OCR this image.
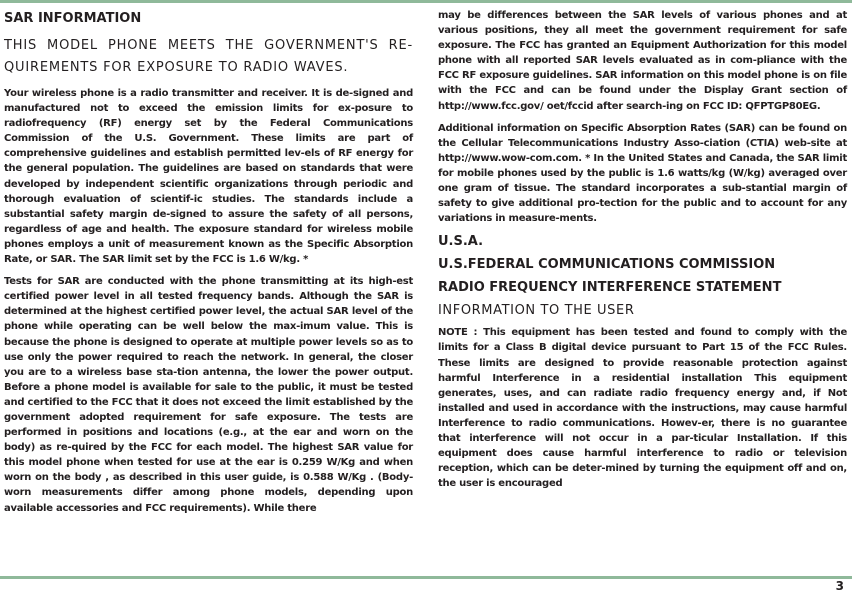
SAR INFORMATION
THIS MODEL PHONE MEETS THE GOVERNMENT'S RE-QUIREMENTS FOR EXPOSURE TO RADIO WAVES.

Your wireless phone is a radio transmitter and receiver. It is de-signed and manufactured not to exceed the emission limits for ex-posure to radiofrequency (RF) energy set by the Federal Communications Commission of the U.S. Government. These limits are part of comprehensive guidelines and establish permitted lev-els of RF energy for the general population. The guidelines are based on standards that were developed by independent scientific organizations through periodic and thorough evaluation of scientif-ic studies. The standards include a substantial safety margin de-signed to assure the safety of all persons, regardless of age and health. The exposure standard for wireless mobile phones employs a unit of measurement known as the Specific Absorption Rate, or SAR. The SAR limit set by the FCC is 1.6 W/kg. *

Tests for SAR are conducted with the phone transmitting at its high-est certified power level in all tested frequency bands. Although the SAR is determined at the highest certified power level, the actual SAR level of the phone while operating can be well below the max-imum value. This is because the phone is designed to operate at multiple power levels so as to use only the power required to reach the network. In general, the closer you are to a wireless base sta-tion antenna, the lower the power output. Before a phone model is available for sale to the public, it must be tested and certified to the FCC that it does not exceed the limit established by the government adopted requirement for safe exposure. The tests are performed in positions and locations (e.g., at the ear and worn on the body) as re-quired by the FCC for each model. The highest SAR value for this model phone when tested for use at the ear is 0.259 W/Kg and when worn on the body , as described in this user guide, is 0.588 W/Kg . (Body-worn measurements differ among phone models, depending upon available accessories and FCC requirements). While there

may be differences between the SAR levels of various phones and at various positions, they all meet the government requirement for safe exposure. The FCC has granted an Equipment Authorization for this model phone with all reported SAR levels evaluated as in com-pliance with the FCC RF exposure guidelines. SAR information on this model phone is on file with the FCC and can be found under the Display Grant section of http://www.fcc.gov/ oet/fccid after search-ing on FCC ID: QFPTGP80EG.

Additional information on Specific Absorption Rates (SAR) can be found on the Cellular Telecommunications Industry Asso-ciation (CTIA) web-site at http://www.wow-com.com. * In the United States and Canada, the SAR limit for mobile phones used by the public is 1.6 watts/kg (W/kg) averaged over one gram of tissue. The standard incorporates a sub-stantial margin of safety to give additional pro-tection for the public and to account for any variations in measure-ments.

U.S.A.
U.S.FEDERAL COMMUNICATIONS COMMISSION
RADIO FREQUENCY INTERFERENCE STATEMENT
INFORMATION TO THE USER

NOTE : This equipment has been tested and found to comply with the limits for a Class B digital device pursuant to Part 15 of the FCC Rules. These limits are designed to provide reasonable protection against harmful Interference in a residential installation This equipment generates, uses, and can radiate radio frequency energy and, if Not installed and used in accordance with the instructions, may cause harmful Interference to radio communications. Howev-er, there is no guarantee that interference will not occur in a par-ticular Installation. If this equipment does cause harmful interference to radio or television reception, which can be deter-mined by turning the equipment off and on, the user is encouraged

3
